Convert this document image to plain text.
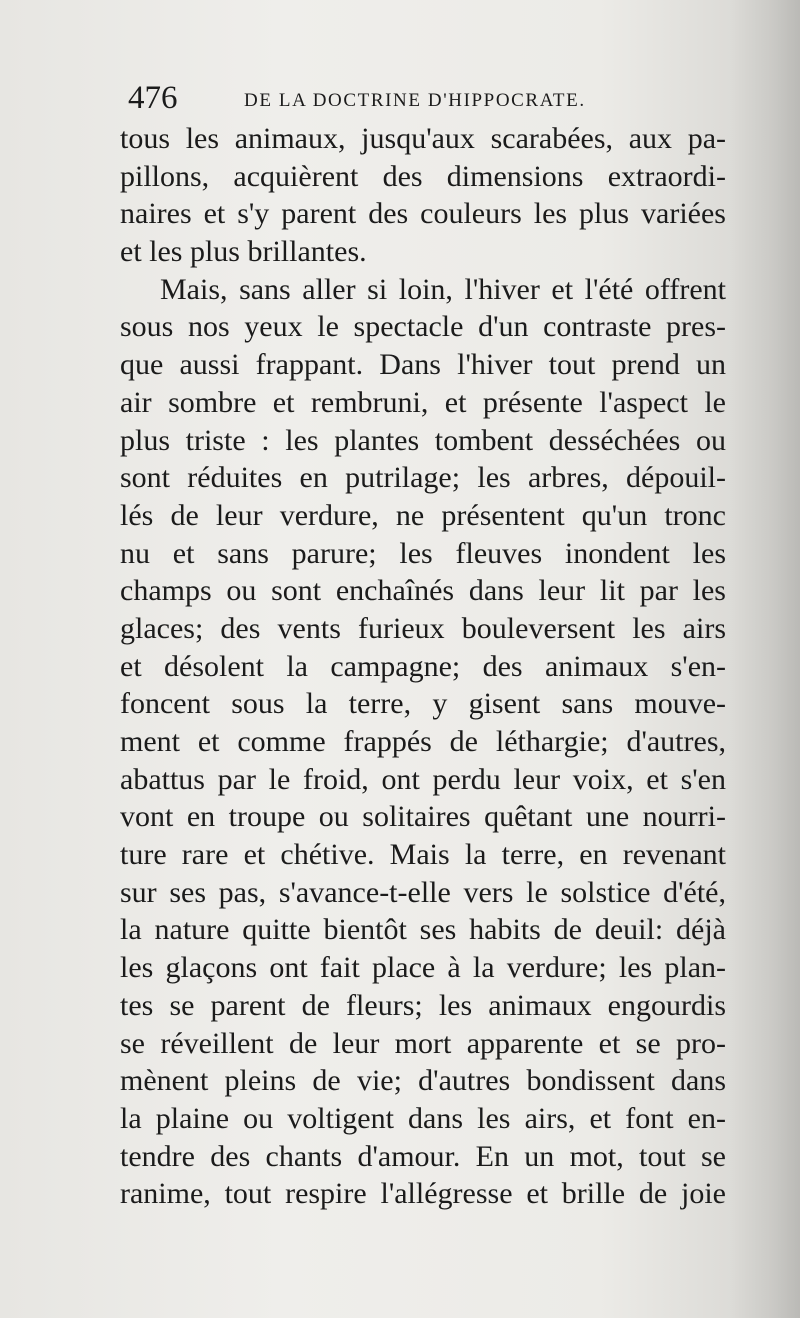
476	DE LA DOCTRINE D'HIPPOCRATE.
tous les animaux, jusqu'aux scarabées, aux pa-
pillons, acquièrent des dimensions extraordi-
naires et s'y parent des couleurs les plus variées
et les plus brillantes.
Mais, sans aller si loin, l'hiver et l'été offrent
sous nos yeux le spectacle d'un contraste pres-
que aussi frappant. Dans l'hiver tout prend un
air sombre et rembruni, et présente l'aspect le
plus triste : les plantes tombent desséchées ou
sont réduites en putrilage; les arbres, dépouil-
lés de leur verdure, ne présentent qu'un tronc
nu et sans parure; les fleuves inondent les
champs ou sont enchaînés dans leur lit par les
glaces; des vents furieux bouleversent les airs
et désolent la campagne; des animaux s'en-
foncent sous la terre, y gisent sans mouve-
ment et comme frappés de léthargie; d'autres,
abattus par le froid, ont perdu leur voix, et s'en
vont en troupe ou solitaires quêtant une nourri-
ture rare et chétive. Mais la terre, en revenant
sur ses pas, s'avance-t-elle vers le solstice d'été,
la nature quitte bientôt ses habits de deuil: déjà
les glaçons ont fait place à la verdure; les plan-
tes se parent de fleurs; les animaux engourdis
se réveillent de leur mort apparente et se pro-
mènent pleins de vie; d'autres bondissent dans
la plaine ou voltigent dans les airs, et font en-
tendre des chants d'amour. En un mot, tout se
ranime, tout respire l'allégresse et brille de joie
